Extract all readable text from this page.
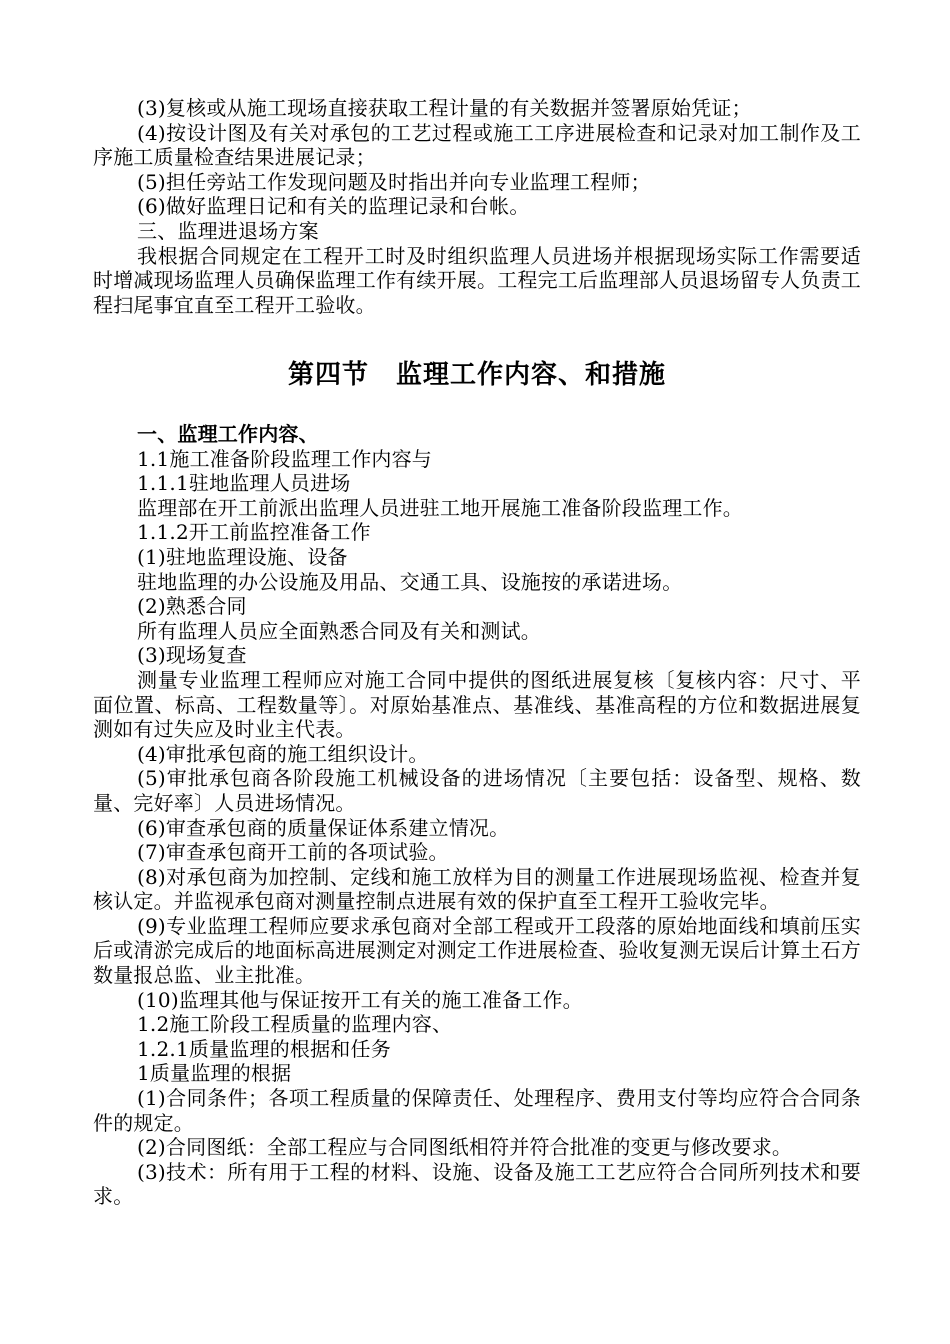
(3)复核或从施工现场直接获取工程计量的有关数据并签署原始凭证；

(4)按设计图及有关对承包的工艺过程或施工工序进展检查和记录对加工制作及工序施工质量检查结果进展记录；

(5)担任旁站工作发现问题及时指出并向专业监理工程师；

(6)做好监理日记和有关的监理记录和台帐。

三、监理进退场方案

我根据合同规定在工程开工时及时组织监理人员进场并根据现场实际工作需要适时增减现场监理人员确保监理工作有续开展。工程完工后监理部人员退场留专人负责工程扫尾事宜直至工程开工验收。

第四节　监理工作内容、和措施

一、监理工作内容、

1.1施工准备阶段监理工作内容与

1.1.1驻地监理人员进场

监理部在开工前派出监理人员进驻工地开展施工准备阶段监理工作。

1.1.2开工前监控准备工作

(1)驻地监理设施、设备

驻地监理的办公设施及用品、交通工具、设施按的承诺进场。

(2)熟悉合同

所有监理人员应全面熟悉合同及有关和测试。

(3)现场复查

测量专业监理工程师应对施工合同中提供的图纸进展复核〔复核内容：尺寸、平面位置、标高、工程数量等〕。对原始基准点、基准线、基准高程的方位和数据进展复测如有过失应及时业主代表。

(4)审批承包商的施工组织设计。

(5)审批承包商各阶段施工机械设备的进场情况〔主要包括：设备型、规格、数量、完好率〕人员进场情况。

(6)审查承包商的质量保证体系建立情况。

(7)审查承包商开工前的各项试验。

(8)对承包商为加控制、定线和施工放样为目的测量工作进展现场监视、检查并复核认定。并监视承包商对测量控制点进展有效的保护直至工程开工验收完毕。

(9)专业监理工程师应要求承包商对全部工程或开工段落的原始地面线和填前压实后或清淤完成后的地面标高进展测定对测定工作进展检查、验收复测无误后计算土石方数量报总监、业主批准。

(10)监理其他与保证按开工有关的施工准备工作。

1.2施工阶段工程质量的监理内容、

1.2.1质量监理的根据和任务

1质量监理的根据

(1)合同条件；各项工程质量的保障责任、处理程序、费用支付等均应符合合同条件的规定。

(2)合同图纸：全部工程应与合同图纸相符并符合批准的变更与修改要求。

(3)技术：所有用于工程的材料、设施、设备及施工工艺应符合合同所列技术和要求。
